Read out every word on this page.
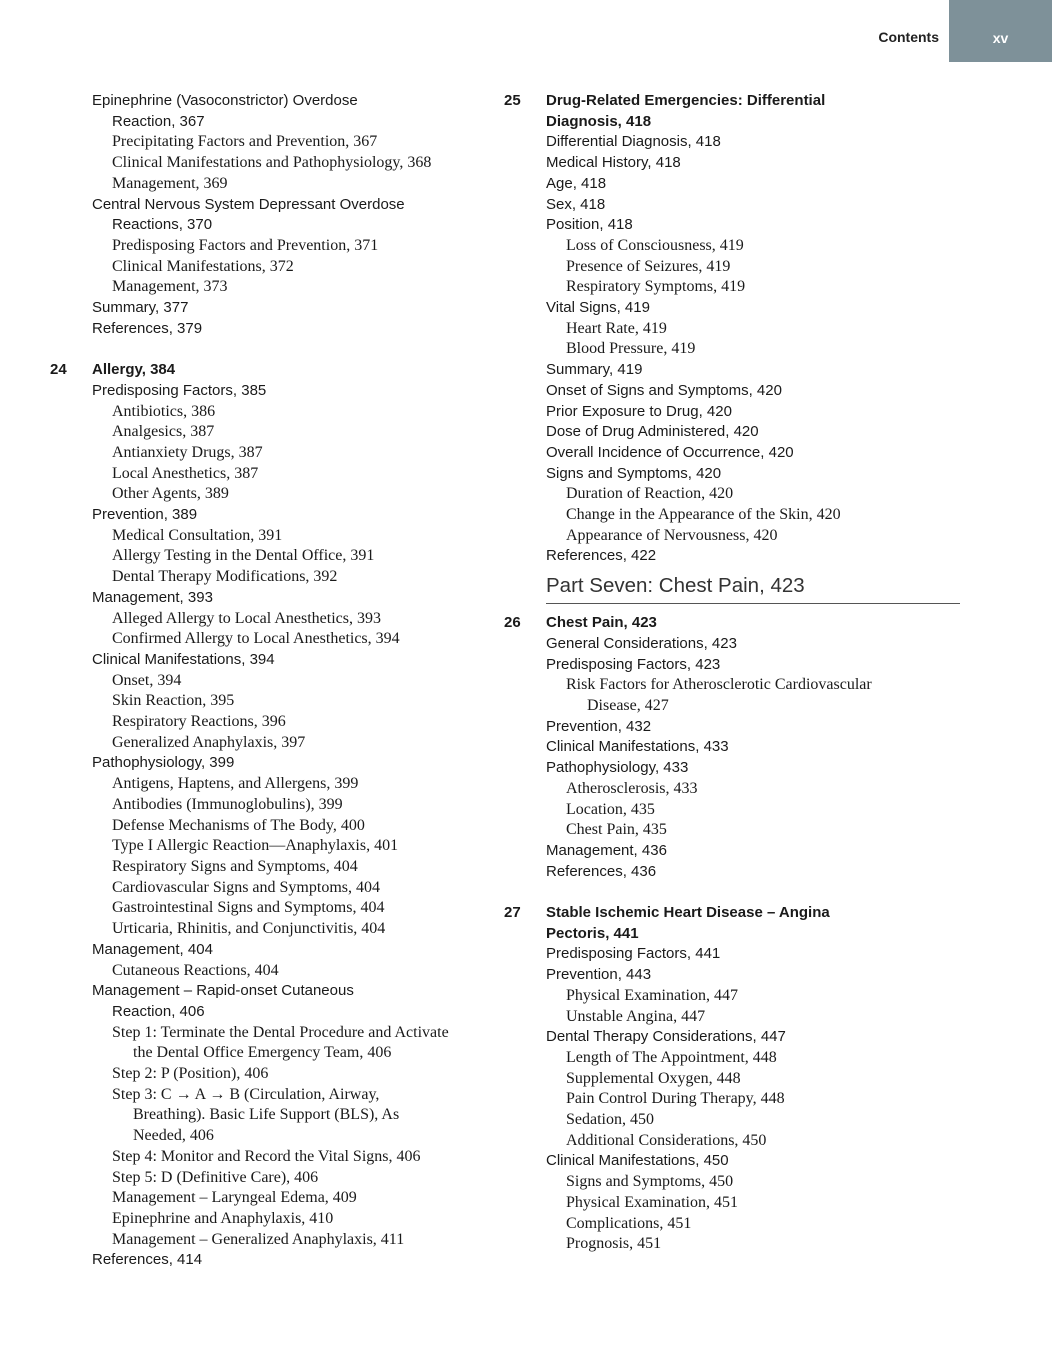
Contents	xv
Epinephrine (Vasoconstrictor) Overdose
Reaction, 367
Precipitating Factors and Prevention, 367
Clinical Manifestations and Pathophysiology, 368
Management, 369
Central Nervous System Depressant Overdose
Reactions, 370
Predisposing Factors and Prevention, 371
Clinical Manifestations, 372
Management, 373
Summary, 377
References, 379
Allergy, 384
24
Predisposing Factors, 385
Antibiotics, 386
Analgesics, 387
Antianxiety Drugs, 387
Local Anesthetics, 387
Other Agents, 389
Prevention, 389
Medical Consultation, 391
Allergy Testing in the Dental Office, 391
Dental Therapy Modifications, 392
Management, 393
Alleged Allergy to Local Anesthetics, 393
Confirmed Allergy to Local Anesthetics, 394
Clinical Manifestations, 394
Onset, 394
Skin Reaction, 395
Respiratory Reactions, 396
Generalized Anaphylaxis, 397
Pathophysiology, 399
Antigens, Haptens, and Allergens, 399
Antibodies (Immunoglobulins), 399
Defense Mechanisms of The Body, 400
Type I Allergic Reaction—Anaphylaxis, 401
Respiratory Signs and Symptoms, 404
Cardiovascular Signs and Symptoms, 404
Gastrointestinal Signs and Symptoms, 404
Urticaria, Rhinitis, and Conjunctivitis, 404
Management, 404
Cutaneous Reactions, 404
Management – Rapid-onset Cutaneous
Reaction, 406
Step 1: Terminate the Dental Procedure and Activate
the Dental Office Emergency Team, 406
Step 2: P (Position), 406
Step 3: C → A → B (Circulation, Airway,
Breathing). Basic Life Support (BLS), As
Needed, 406
Step 4: Monitor and Record the Vital Signs, 406
Step 5: D (Definitive Care), 406
Management – Laryngeal Edema, 409
Epinephrine and Anaphylaxis, 410
Management – Generalized Anaphylaxis, 411
References, 414
Drug-Related Emergencies: Differential
25
Diagnosis, 418
Differential Diagnosis, 418
Medical History, 418
Age, 418
Sex, 418
Position, 418
Loss of Consciousness, 419
Presence of Seizures, 419
Respiratory Symptoms, 419
Vital Signs, 419
Heart Rate, 419
Blood Pressure, 419
Summary, 419
Onset of Signs and Symptoms, 420
Prior Exposure to Drug, 420
Dose of Drug Administered, 420
Overall Incidence of Occurrence, 420
Signs and Symptoms, 420
Duration of Reaction, 420
Change in the Appearance of the Skin, 420
Appearance of Nervousness, 420
References, 422
Part Seven: Chest Pain, 423
Chest Pain, 423
26
General Considerations, 423
Predisposing Factors, 423
Risk Factors for Atherosclerotic Cardiovascular
Disease, 427
Prevention, 432
Clinical Manifestations, 433
Pathophysiology, 433
Atherosclerosis, 433
Location, 435
Chest Pain, 435
Management, 436
References, 436
Stable Ischemic Heart Disease – Angina
27
Pectoris, 441
Predisposing Factors, 441
Prevention, 443
Physical Examination, 447
Unstable Angina, 447
Dental Therapy Considerations, 447
Length of The Appointment, 448
Supplemental Oxygen, 448
Pain Control During Therapy, 448
Sedation, 450
Additional Considerations, 450
Clinical Manifestations, 450
Signs and Symptoms, 450
Physical Examination, 451
Complications, 451
Prognosis, 451
